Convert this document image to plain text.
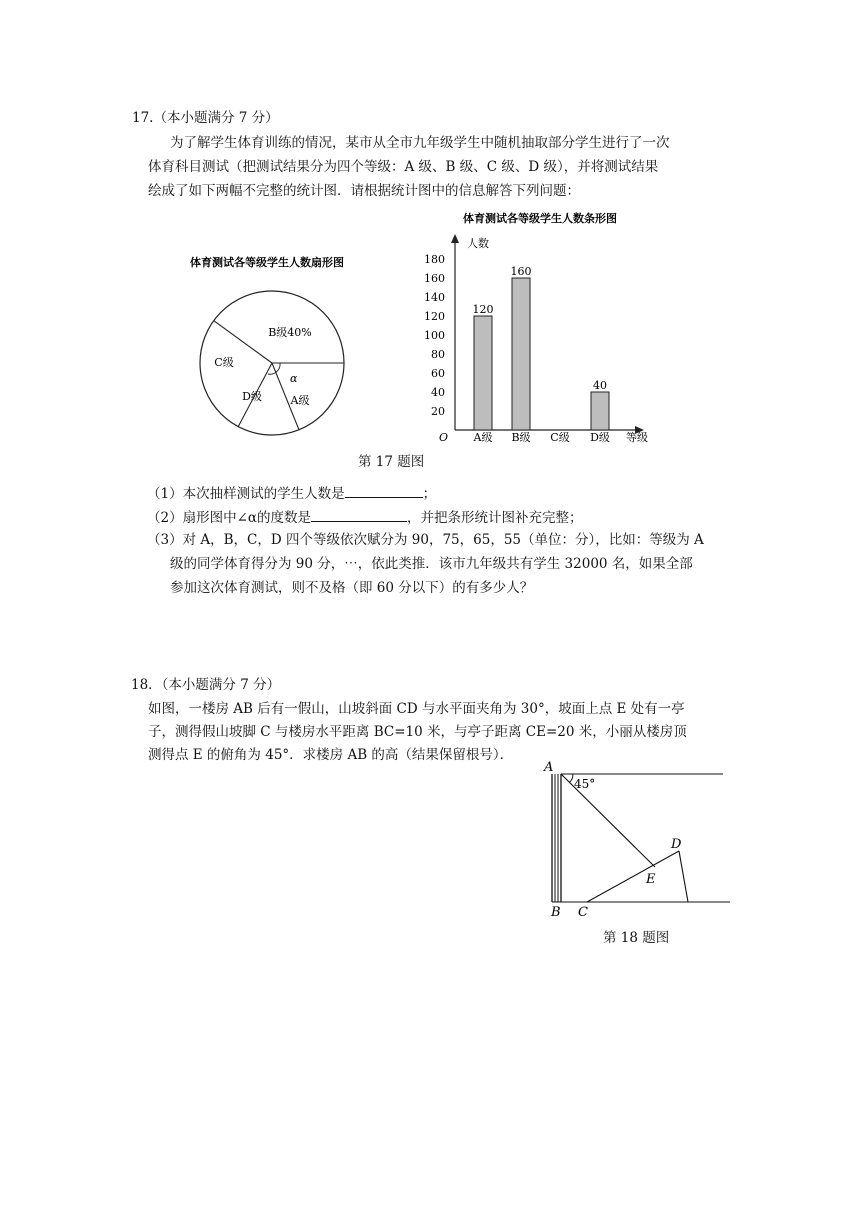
17.（本小题满分 7 分）
为了解学生体育训练的情况，某市从全市九年级学生中随机抽取部分学生进行了一次
体育科目测试（把测试结果分为四个等级：A 级、B 级、C 级、D 级），并将测试结果
绘成了如下两幅不完整的统计图．请根据统计图中的信息解答下列问题：
体育测试各等级学生人数扇形图
B级40%
C级
D级	A级
α
体育测试各等级学生人数条形图
人数
等级
O
20
40
60
80
100
120
140
160
180
120
160
40
A级 B级 C级 D级
第 17 题图
（1）本次抽样测试的学生人数是	；
（2）扇形图中∠α的度数是	，并把条形统计图补充完整；
（3）对 A，B，C，D 四个等级依次赋分为 90，75，65，55（单位：分），比如：等级为 A
级的同学体育得分为 90 分，⋯，依此类推．该市九年级共有学生 32000 名，如果全部
参加这次体育测试，则不及格（即 60 分以下）的有多少人？
18．（本小题满分 7 分）
如图，一楼房 AB 后有一假山，山坡斜面 CD 与水平面夹角为 30°，坡面上点 E 处有一亭
子，测得假山坡脚 C 与楼房水平距离 BC=10 米，与亭子距离 CE=20 米，小丽从楼房顶
测得点 E 的俯角为 45°．求楼房 AB 的高（结果保留根号）．
45°
A
B C
D
E
第 18 题图
